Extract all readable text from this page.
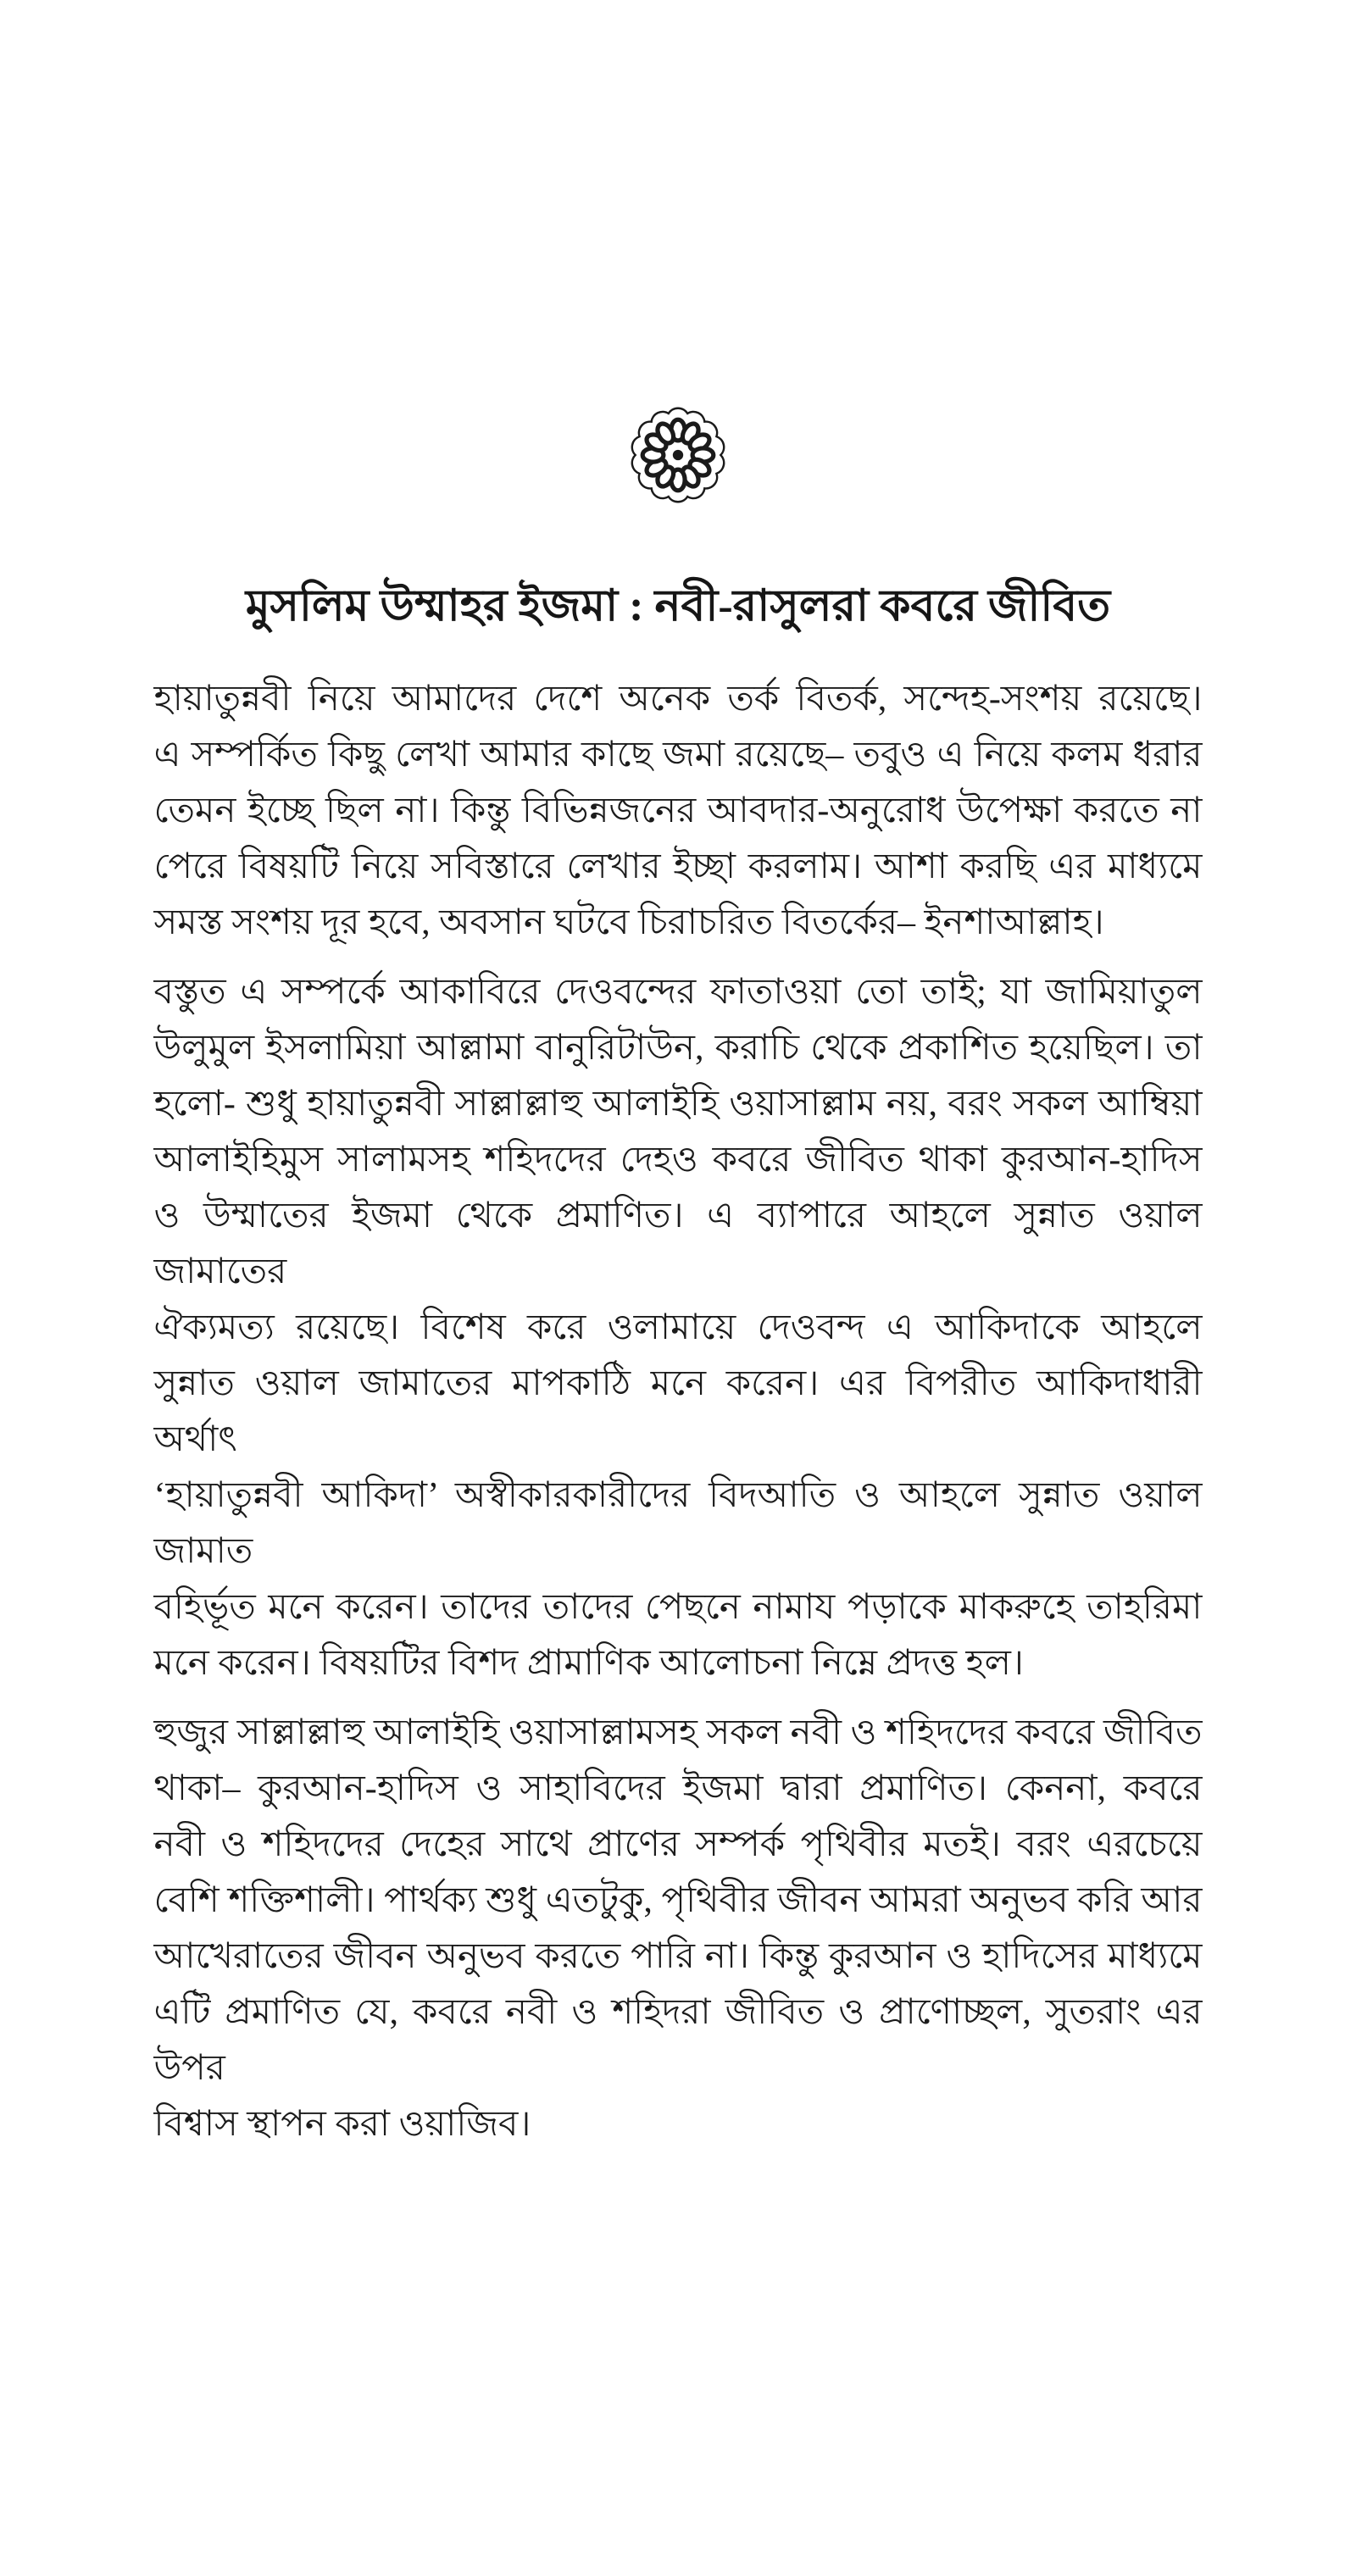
মুসলিম উম্মাহর ইজমা : নবী-রাসুলরা কবরে জীবিত
হায়াতুন্নবী নিয়ে আমাদের দেশে অনেক তর্ক বিতর্ক, সন্দেহ-সংশয় রয়েছে।
এ সম্পর্কিত কিছু লেখা আমার কাছে জমা রয়েছে– তবুও এ নিয়ে কলম ধরার
তেমন ইচ্ছে ছিল না। কিন্তু বিভিন্নজনের আবদার-অনুরোধ উপেক্ষা করতে না
পেরে বিষয়টি নিয়ে সবিস্তারে লেখার ইচ্ছা করলাম। আশা করছি এর মাধ্যমে
সমস্ত সংশয় দূর হবে, অবসান ঘটবে চিরাচরিত বিতর্কের– ইনশাআল্লাহ।
বস্তুত এ সম্পর্কে আকাবিরে দেওবন্দের ফাতাওয়া তো তাই; যা জামিয়াতুল
উলুমুল ইসলামিয়া আল্লামা বানুরিটাউন, করাচি থেকে প্রকাশিত হয়েছিল। তা
হলো- শুধু হায়াতুন্নবী সাল্লাল্লাহু আলাইহি ওয়াসাল্লাম নয়, বরং সকল আম্বিয়া
আলাইহিমুস সালামসহ শহিদদের দেহও কবরে জীবিত থাকা কুরআন-হাদিস
ও উম্মাতের ইজমা থেকে প্রমাণিত। এ ব্যাপারে আহলে সুন্নাত ওয়াল জামাতের
ঐক্যমত্য রয়েছে। বিশেষ করে ওলামায়ে দেওবন্দ এ আকিদাকে আহলে
সুন্নাত ওয়াল জামাতের মাপকাঠি মনে করেন। এর বিপরীত আকিদাধারী অর্থাৎ
‘হায়াতুন্নবী আকিদা’ অস্বীকারকারীদের বিদআতি ও আহলে সুন্নাত ওয়াল জামাত
বহির্ভূত মনে করেন। তাদের তাদের পেছনে নামায পড়াকে মাকরুহে তাহরিমা
মনে করেন। বিষয়টির বিশদ প্রামাণিক আলোচনা নিম্নে প্রদত্ত হল।
হুজুর সাল্লাল্লাহু আলাইহি ওয়াসাল্লামসহ সকল নবী ও শহিদদের কবরে জীবিত
থাকা– কুরআন-হাদিস ও সাহাবিদের ইজমা দ্বারা প্রমাণিত। কেননা, কবরে
নবী ও শহিদদের দেহের সাথে প্রাণের সম্পর্ক পৃথিবীর মতই। বরং এরচেয়ে
বেশি শক্তিশালী। পার্থক্য শুধু এতটুকু, পৃথিবীর জীবন আমরা অনুভব করি আর
আখেরাতের জীবন অনুভব করতে পারি না। কিন্তু কুরআন ও হাদিসের মাধ্যমে
এটি প্রমাণিত যে, কবরে নবী ও শহিদরা জীবিত ও প্রাণোচ্ছল, সুতরাং এর উপর
বিশ্বাস স্থাপন করা ওয়াজিব।
